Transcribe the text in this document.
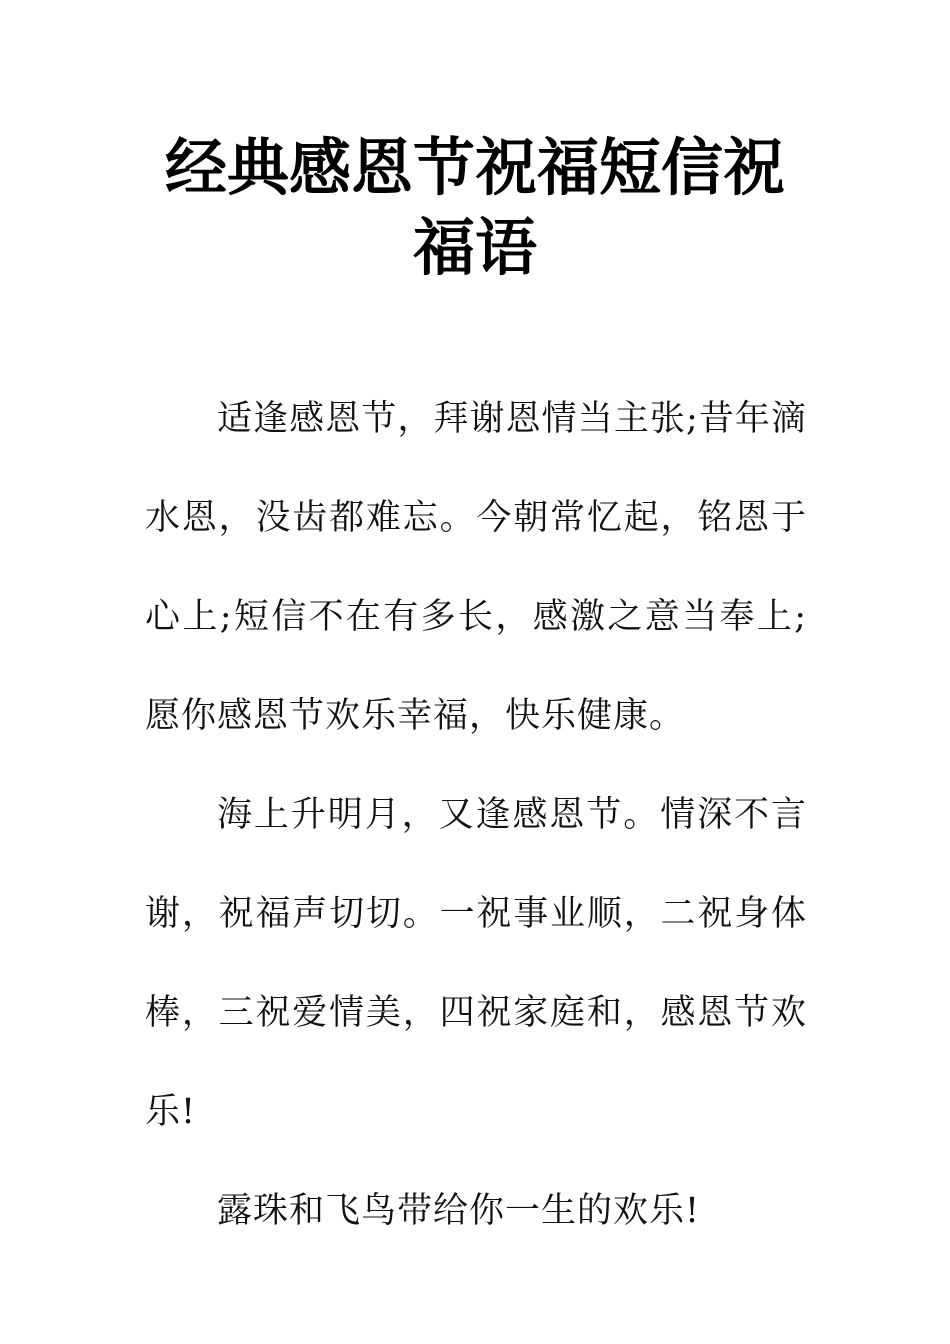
经典感恩节祝福短信祝福语

适逢感恩节，拜谢恩情当主张;昔年滴水恩，没齿都难忘。今朝常忆起，铭恩于心上;短信不在有多长，感激之意当奉上;愿你感恩节欢乐幸福，快乐健康。

海上升明月，又逢感恩节。情深不言谢，祝福声切切。一祝事业顺，二祝身体棒，三祝爱情美，四祝家庭和，感恩节欢乐!

露珠和飞鸟带给你一生的欢乐!
